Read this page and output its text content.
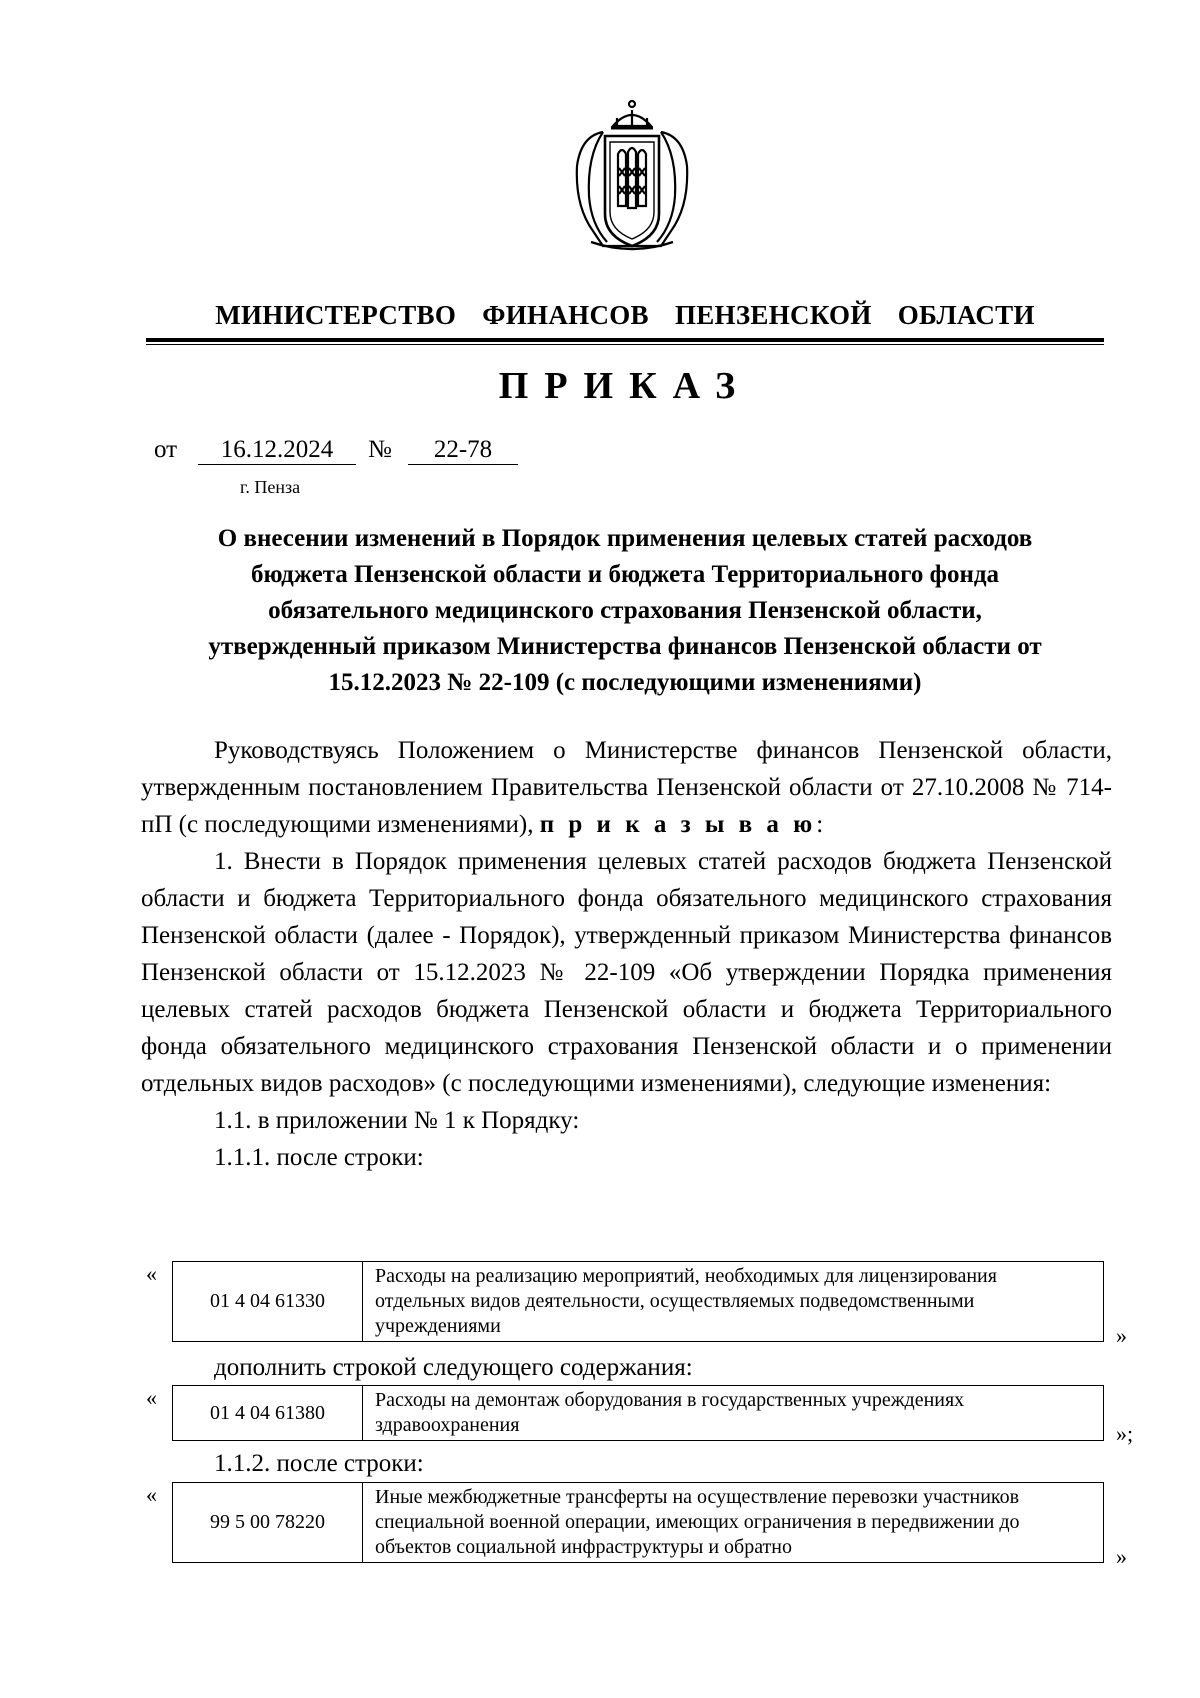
МИНИСТЕРСТВО  ФИНАНСОВ  ПЕНЗЕНСКОЙ  ОБЛАСТИ
ПРИКАЗ
от	16.12.2024	№	22-78
г. Пенза
О внесении изменений в Порядок применения целевых статей расходов
бюджета Пензенской области и бюджета Территориального фонда
обязательного медицинского страхования Пензенской области,
утвержденный приказом Министерства финансов Пензенской области от
15.12.2023 № 22-109 (с последующими изменениями)

Руководствуясь Положением о Министерстве финансов Пензенской области, утвержденным постановлением Правительства Пензенской области от 27.10.2008 № 714-пП (с последующими изменениями), п р и к а з ы в а ю:

1. Внести в Порядок применения целевых статей расходов бюджета Пензенской области и бюджета Территориального фонда обязательного медицинского страхования Пензенской области (далее - Порядок), утвержденный приказом Министерства финансов Пензенской области от 15.12.2023 № 22-109 «Об утверждении Порядка применения целевых статей расходов бюджета Пензенской области и бюджета Территориального фонда обязательного медицинского страхования Пензенской области и о применении отдельных видов расходов» (с последующими изменениями), следующие изменения:

1.1. в приложении № 1 к Порядку:

1.1.1. после строки:

«
01 4 04 61330	Расходы на реализацию мероприятий, необходимых для лицензирования отдельных видов деятельности, осуществляемых подведомственными учреждениями	»
дополнить строкой следующего содержания:
«
01 4 04 61380	Расходы на демонтаж оборудования в государственных учреждениях здравоохранения	»;
1.1.2. после строки:
«
99 5 00 78220	Иные межбюджетные трансферты на осуществление перевозки участников специальной военной операции, имеющих ограничения в передвижении до объектов социальной инфраструктуры и обратно	»
